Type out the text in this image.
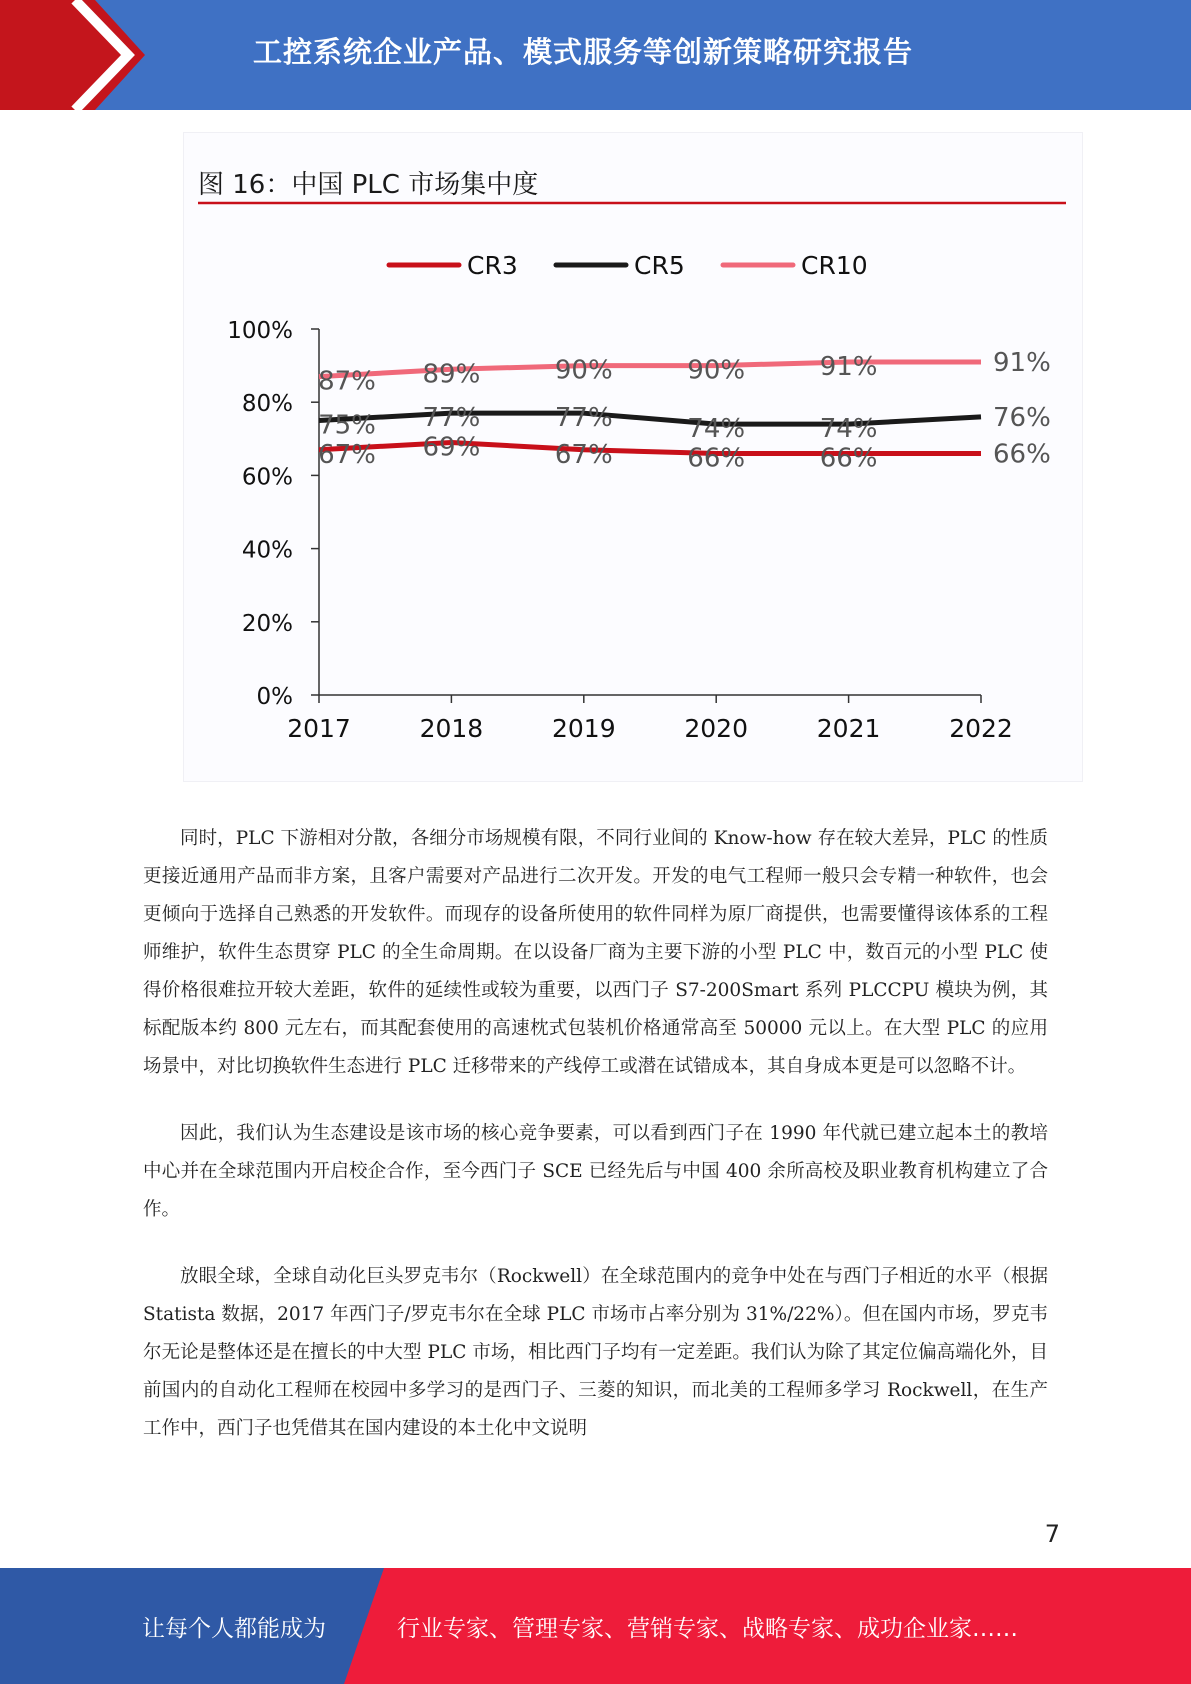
工控系统企业产品、模式服务等创新策略研究报告
图 16：中国 PLC 市场集中度
CR3	CR5	CR10
0%
20%
40%
60%
80%
100%
2017	2018	2019	2020	2021	2022
67% 69%	67%	66%	66%	66%
75% 77%	77%	74%	74%	76%
87% 89%	90%	90%	91%	91%

同时，PLC 下游相对分散，各细分市场规模有限，不同行业间的 Know-how 存在较大差异，PLC 的性质更接近通用产品而非方案，且客户需要对产品进行二次开发。开发的电气工程师一般只会专精一种软件，也会更倾向于选择自己熟悉的开发软件。而现存的设备所使用的软件同样为原厂商提供，也需要懂得该体系的工程师维护，软件生态贯穿 PLC 的全生命周期。在以设备厂商为主要下游的小型 PLC 中，数百元的小型 PLC 使得价格很难拉开较大差距，软件的延续性或较为重要，以西门子 S7-200Smart 系列 PLCCPU 模块为例，其标配版本约 800 元左右，而其配套使用的高速枕式包装机价格通常高至 50000 元以上。在大型 PLC 的应用场景中，对比切换软件生态进行 PLC 迁移带来的产线停工或潜在试错成本，其自身成本更是可以忽略不计。

因此，我们认为生态建设是该市场的核心竞争要素，可以看到西门子在 1990 年代就已建立起本土的教培中心并在全球范围内开启校企合作，至今西门子 SCE 已经先后与中国 400 余所高校及职业教育机构建立了合作。

放眼全球，全球自动化巨头罗克韦尔（Rockwell）在全球范围内的竞争中处在与西门子相近的水平（根据 Statista 数据，2017 年西门子/罗克韦尔在全球 PLC 市场市占率分别为 31%/22%）。但在国内市场，罗克韦尔无论是整体还是在擅长的中大型 PLC 市场，相比西门子均有一定差距。我们认为除了其定位偏高端化外，目前国内的自动化工程师在校园中多学习的是西门子、三菱的知识，而北美的工程师多学习 Rockwell，在生产工作中，西门子也凭借其在国内建设的本土化中文说明

7
让每个人都能成为	行业专家、管理专家、营销专家、战略专家、成功企业家……
